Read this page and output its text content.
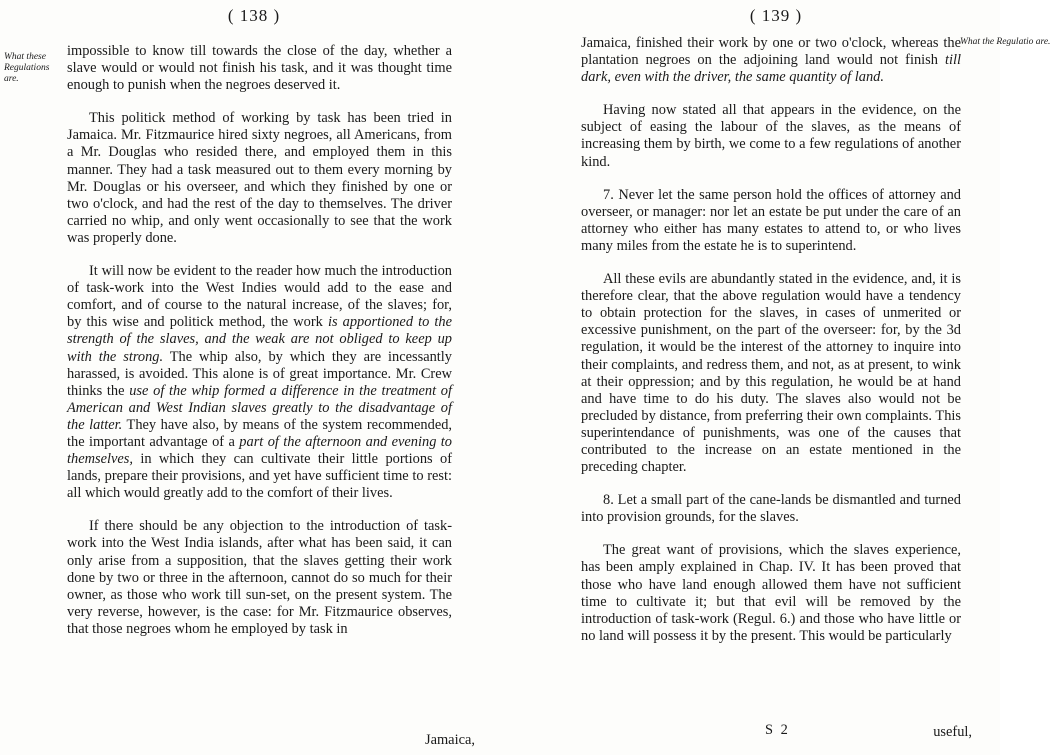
( 138 )
What these Regulations are.

impossible to know till towards the close of the day, whether a slave would or would not finish his task, and it was thought time enough to punish when the negroes deserved it.

This politick method of working by task has been tried in Jamaica. Mr. Fitzmaurice hired sixty negroes, all Americans, from a Mr. Douglas who resided there, and employed them in this manner. They had a task measured out to them every morning by Mr. Douglas or his overseer, and which they finished by one or two o'clock, and had the rest of the day to themselves. The driver carried no whip, and only went occasionally to see that the work was properly done.

It will now be evident to the reader how much the introduction of task-work into the West Indies would add to the ease and comfort, and of course to the natural increase, of the slaves; for, by this wise and politick method, the work is apportioned to the strength of the slaves, and the weak are not obliged to keep up with the strong. The whip also, by which they are incessantly harassed, is avoided. This alone is of great importance. Mr. Crew thinks the use of the whip formed a difference in the treatment of American and West Indian slaves greatly to the disadvantage of the latter. They have also, by means of the system recommended, the important advantage of a part of the afternoon and evening to themselves, in which they can cultivate their little portions of lands, prepare their provisions, and yet have sufficient time to rest: all which would greatly add to the comfort of their lives.

If there should be any objection to the introduction of task-work into the West India islands, after what has been said, it can only arise from a supposition, that the slaves getting their work done by two or three in the afternoon, cannot do so much for their owner, as those who work till sun-set, on the present system. The very reverse, however, is the case: for Mr. Fitzmaurice observes, that those negroes whom he employed by task in

Jamaica,
( 139 )
What the Regulatio are.

Jamaica, finished their work by one or two o'clock, whereas the plantation negroes on the adjoining land would not finish till dark, even with the driver, the same quantity of land.

Having now stated all that appears in the evidence, on the subject of easing the labour of the slaves, as the means of increasing them by birth, we come to a few regulations of another kind.

7. Never let the same person hold the offices of attorney and overseer, or manager: nor let an estate be put under the care of an attorney who either has many estates to attend to, or who lives many miles from the estate he is to superintend.

All these evils are abundantly stated in the evidence, and, it is therefore clear, that the above regulation would have a tendency to obtain protection for the slaves, in cases of unmerited or excessive punishment, on the part of the overseer: for, by the 3d regulation, it would be the interest of the attorney to inquire into their complaints, and redress them, and not, as at present, to wink at their oppression; and by this regulation, he would be at hand and have time to do his duty. The slaves also would not be precluded by distance, from preferring their own complaints. This superintendance of punishments, was one of the causes that contributed to the increase on an estate mentioned in the preceding chapter.

8. Let a small part of the cane-lands be dismantled and turned into provision grounds, for the slaves.

The great want of provisions, which the slaves experience, has been amply explained in Chap. IV. It has been proved that those who have land enough allowed them have not sufficient time to cultivate it; but that evil will be removed by the introduction of task-work (Regul. 6.) and those who have little or no land will possess it by the present. This would be particularly

S 2	useful,
